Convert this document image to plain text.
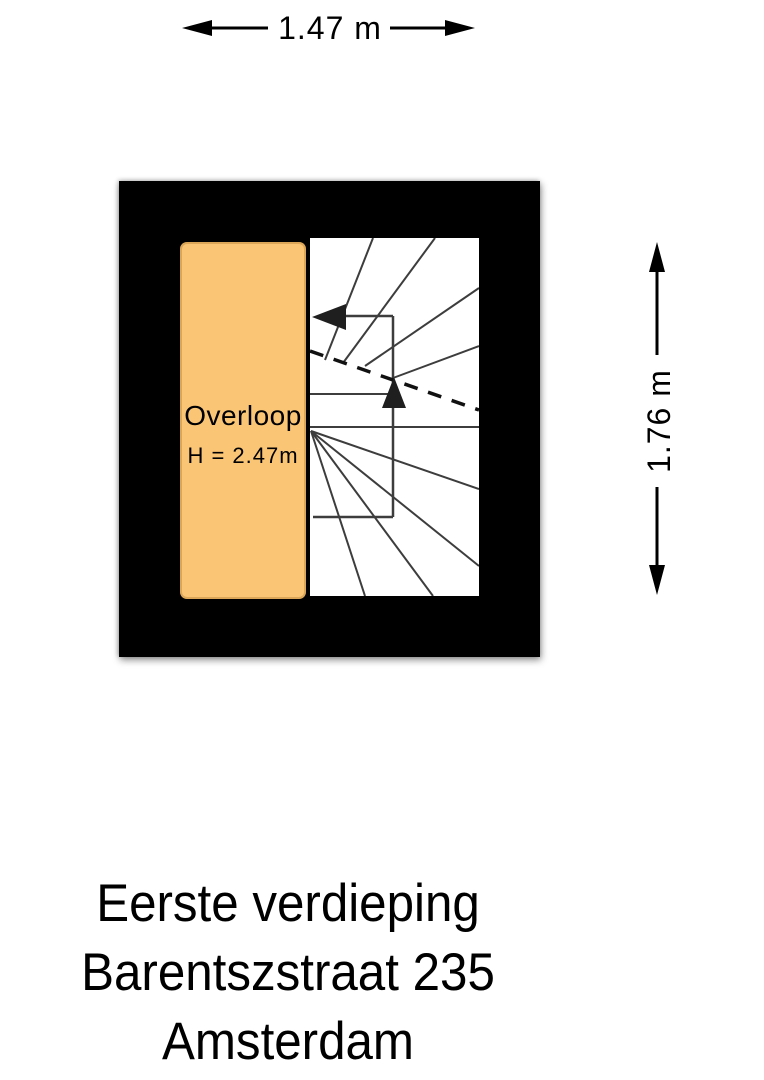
1.47 m
1.76 m
Overloop
H = 2.47m
Eerste verdieping
Barentszstraat 235
Amsterdam
